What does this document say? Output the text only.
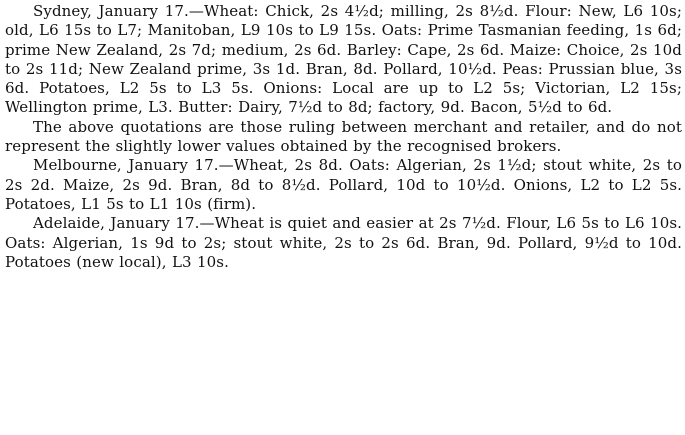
Sydney, January 17.—Wheat: Chick, 2s 4½d; milling, 2s 8½d. Flour: New, L6 10s; old, L6 15s to L7; Manitoban, L9 10s to L9 15s. Oats: Prime Tasmanian feeding, 1s 6d; prime New Zealand, 2s 7d; medium, 2s 6d. Barley: Cape, 2s 6d. Maize: Choice, 2s 10d to 2s 11d; New Zealand prime, 3s 1d. Bran, 8d. Pollard, 10½d. Peas: Prussian blue, 3s 6d. Potatoes, L2 5s to L3 5s. Onions: Local are up to L2 5s; Victorian, L2 15s; Wellington prime, L3. Butter: Dairy, 7½d to 8d; factory, 9d. Bacon, 5½d to 6d.

The above quotations are those ruling between merchant and retailer, and do not represent the slightly lower values obtained by the recognised brokers.

Melbourne, January 17.—Wheat, 2s 8d. Oats: Algerian, 2s 1½d; stout white, 2s to 2s 2d. Maize, 2s 9d. Bran, 8d to 8½d. Pollard, 10d to 10½d. Onions, L2 to L2 5s. Potatoes, L1 5s to L1 10s (firm).

Adelaide, January 17.—Wheat is quiet and easier at 2s 7½d. Flour, L6 5s to L6 10s. Oats: Algerian, 1s 9d to 2s; stout white, 2s to 2s 6d. Bran, 9d. Pollard, 9½d to 10d. Potatoes (new local), L3 10s.
